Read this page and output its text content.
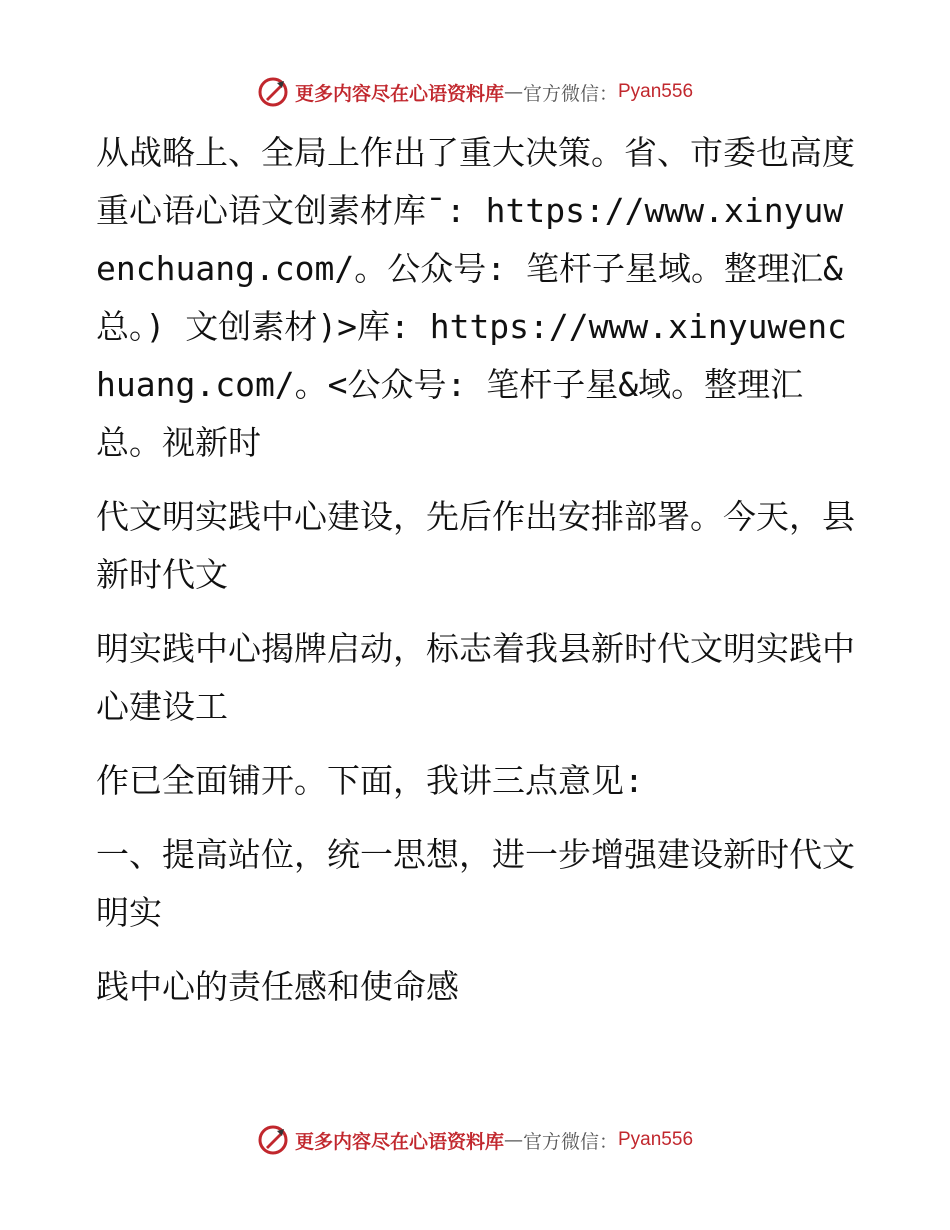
更多内容尽在心语资料库 — 官方微信： Pyan556

从战略上、全局上作出了重大决策。省、市委也高度重心语心语文创素材库¯: https://www.xinyuwenchuang.com/。公众号: 笔杆子星域。整理汇&总。) 文创素材)>库: https://www.xinyuwenchuang.com/。<公众号: 笔杆子星&域。整理汇总。视新时

代文明实践中心建设，先后作出安排部署。今天，县新时代文

明实践中心揭牌启动，标志着我县新时代文明实践中心建设工

作已全面铺开。下面，我讲三点意见:

一、提高站位，统一思想，进一步增强建设新时代文明实

践中心的责任感和使命感

更多内容尽在心语资料库 — 官方微信： Pyan556
